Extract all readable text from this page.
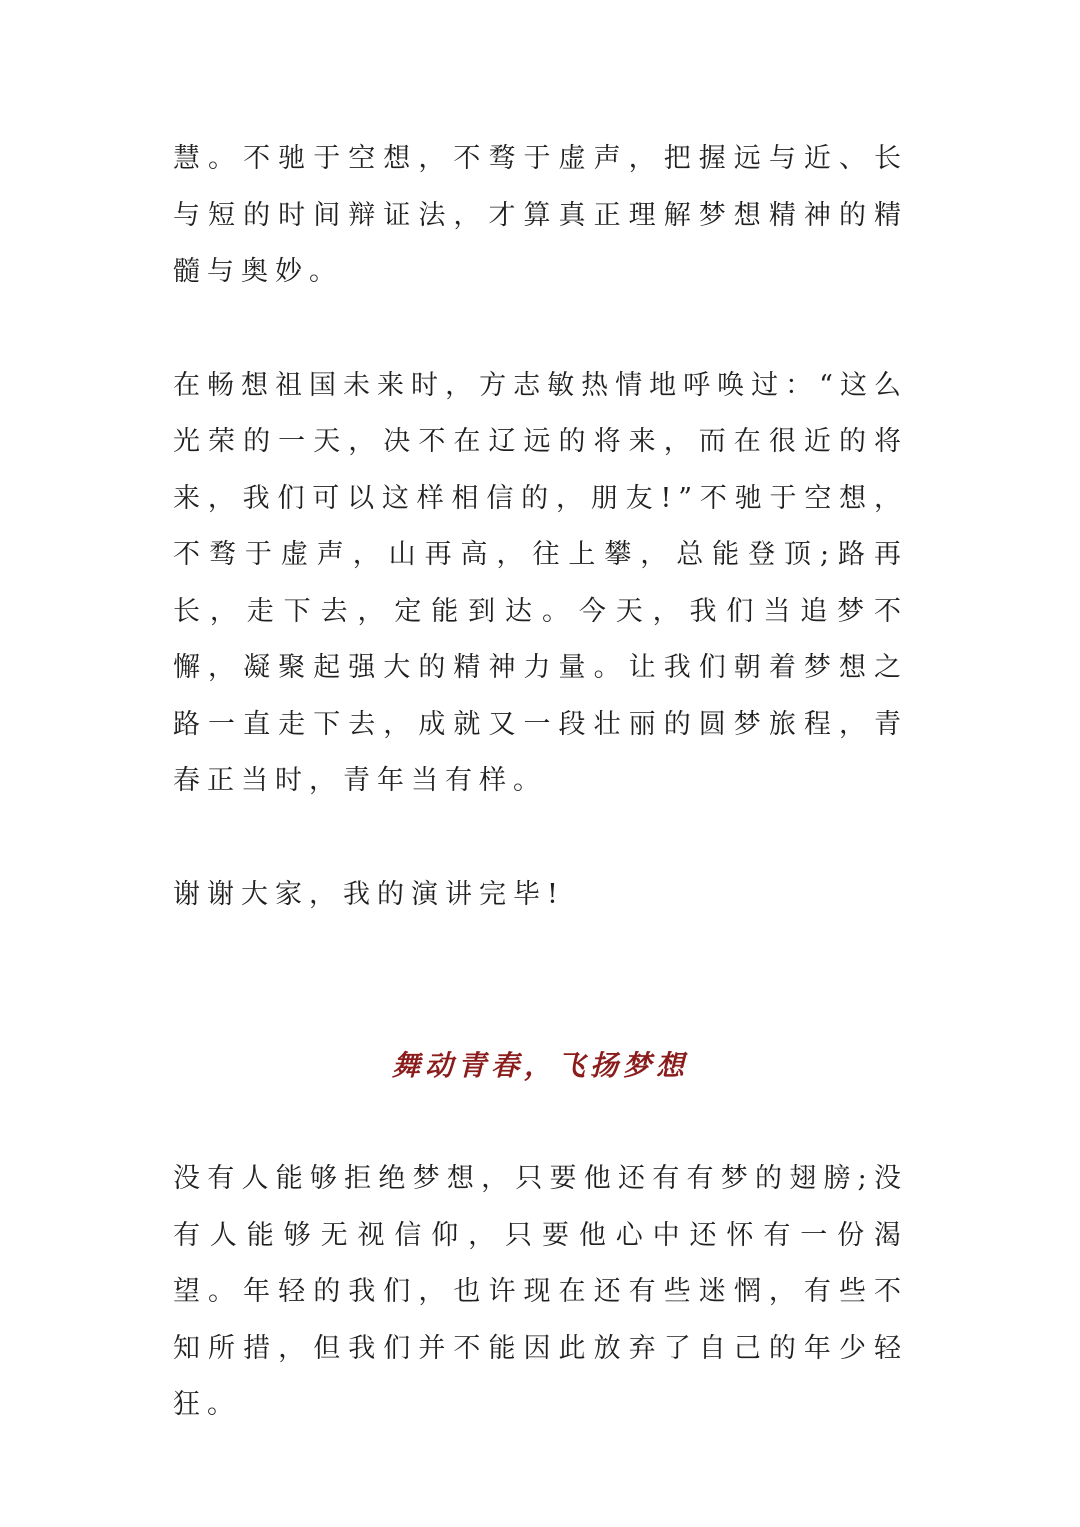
慧。不驰于空想，不骛于虚声，把握远与近、长与短的时间辩证法，才算真正理解梦想精神的精髓与奥妙。

在畅想祖国未来时，方志敏热情地呼唤过：“这么光荣的一天，决不在辽远的将来，而在很近的将来，我们可以这样相信的，朋友!”不驰于空想，不骛于虚声，山再高，往上攀，总能登顶;路再长，走下去，定能到达。今天，我们当追梦不懈，凝聚起强大的精神力量。让我们朝着梦想之路一直走下去，成就又一段壮丽的圆梦旅程，青春正当时，青年当有样。

谢谢大家，我的演讲完毕!

舞动青春，飞扬梦想

没有人能够拒绝梦想，只要他还有有梦的翅膀;没有人能够无视信仰，只要他心中还怀有一份渴望。年轻的我们，也许现在还有些迷惘，有些不知所措，但我们并不能因此放弃了自己的年少轻狂。
